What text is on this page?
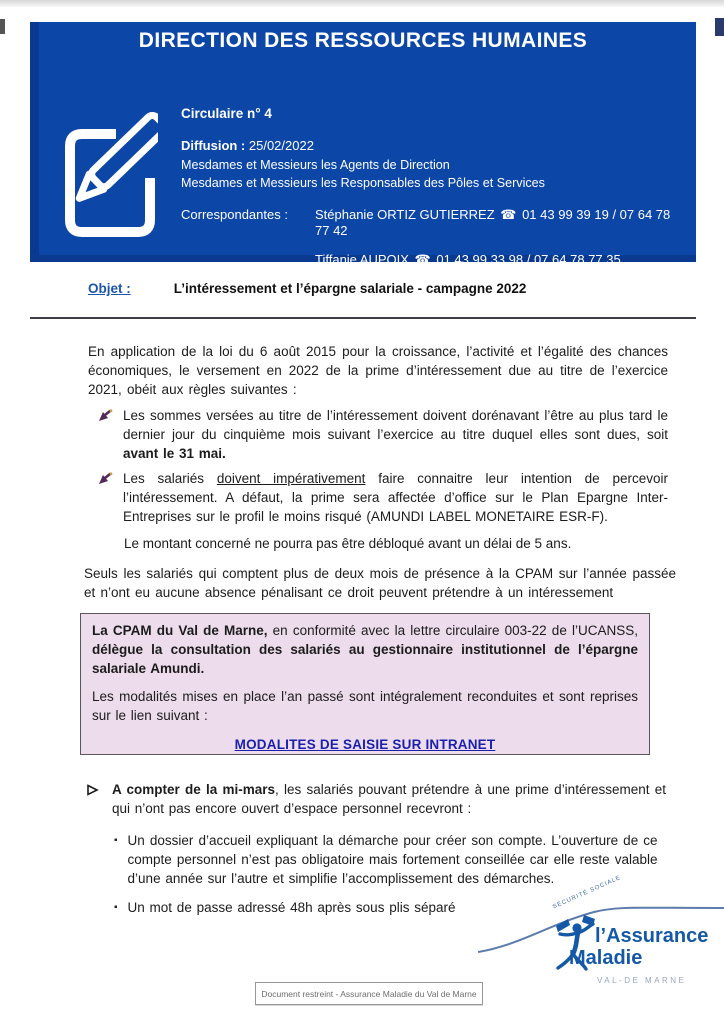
DIRECTION DES RESSOURCES HUMAINES
Circulaire n° 4
Diffusion : 25/02/2022
Mesdames et Messieurs les Agents de Direction
Mesdames et Messieurs les Responsables des Pôles et Services
Correspondantes :	Stéphanie ORTIZ GUTIERREZ ☎ 01 43 99 39 19 / 07 64 78 77 42
Tiffanie AUPOIX ☎ 01 43 99 33 98 / 07 64 78 77 35
Objet :	L’intéressement et l’épargne salariale - campagne 2022
En application de la loi du 6 août 2015 pour la croissance, l’activité et l’égalité des chances économiques, le versement en 2022 de la prime d’intéressement due au titre de l’exercice 2021, obéit aux règles suivantes :
Les sommes versées au titre de l’intéressement doivent dorénavant l’être au plus tard le dernier jour du cinquième mois suivant l’exercice au titre duquel elles sont dues, soit avant le 31 mai.
Les salariés doivent impérativement faire connaitre leur intention de percevoir l’intéressement. A défaut, la prime sera affectée d’office sur le Plan Epargne Inter-Entreprises sur le profil le moins risqué (AMUNDI LABEL MONETAIRE ESR-F).
Le montant concerné ne pourra pas être débloqué avant un délai de 5 ans.
Seuls les salariés qui comptent plus de deux mois de présence à la CPAM sur l’année passée et n’ont eu aucune absence pénalisant ce droit peuvent prétendre à un intéressement

La CPAM du Val de Marne, en conformité avec la lettre circulaire 003-22 de l’UCANSS, délègue la consultation des salariés au gestionnaire institutionnel de l’épargne salariale Amundi.

Les modalités mises en place l’an passé sont intégralement reconduites et sont reprises sur le lien suivant :

MODALITES DE SAISIE SUR INTRANET
A compter de la mi-mars, les salariés pouvant prétendre à une prime d’intéressement et qui n’ont pas encore ouvert d’espace personnel recevront :
▪ Un dossier d’accueil expliquant la démarche pour créer son compte. L’ouverture de ce compte personnel n’est pas obligatoire mais fortement conseillée car elle reste valable d’une année sur l’autre et simplifie l’accomplissement des démarches.
▪ Un mot de passe adressé 48h après sous plis séparé	SÉCURITÉ SOCIALE
l’Assurance
Maladie
VAL-DE MARNE
Document restreint - Assurance Maladie du Val de Marne
